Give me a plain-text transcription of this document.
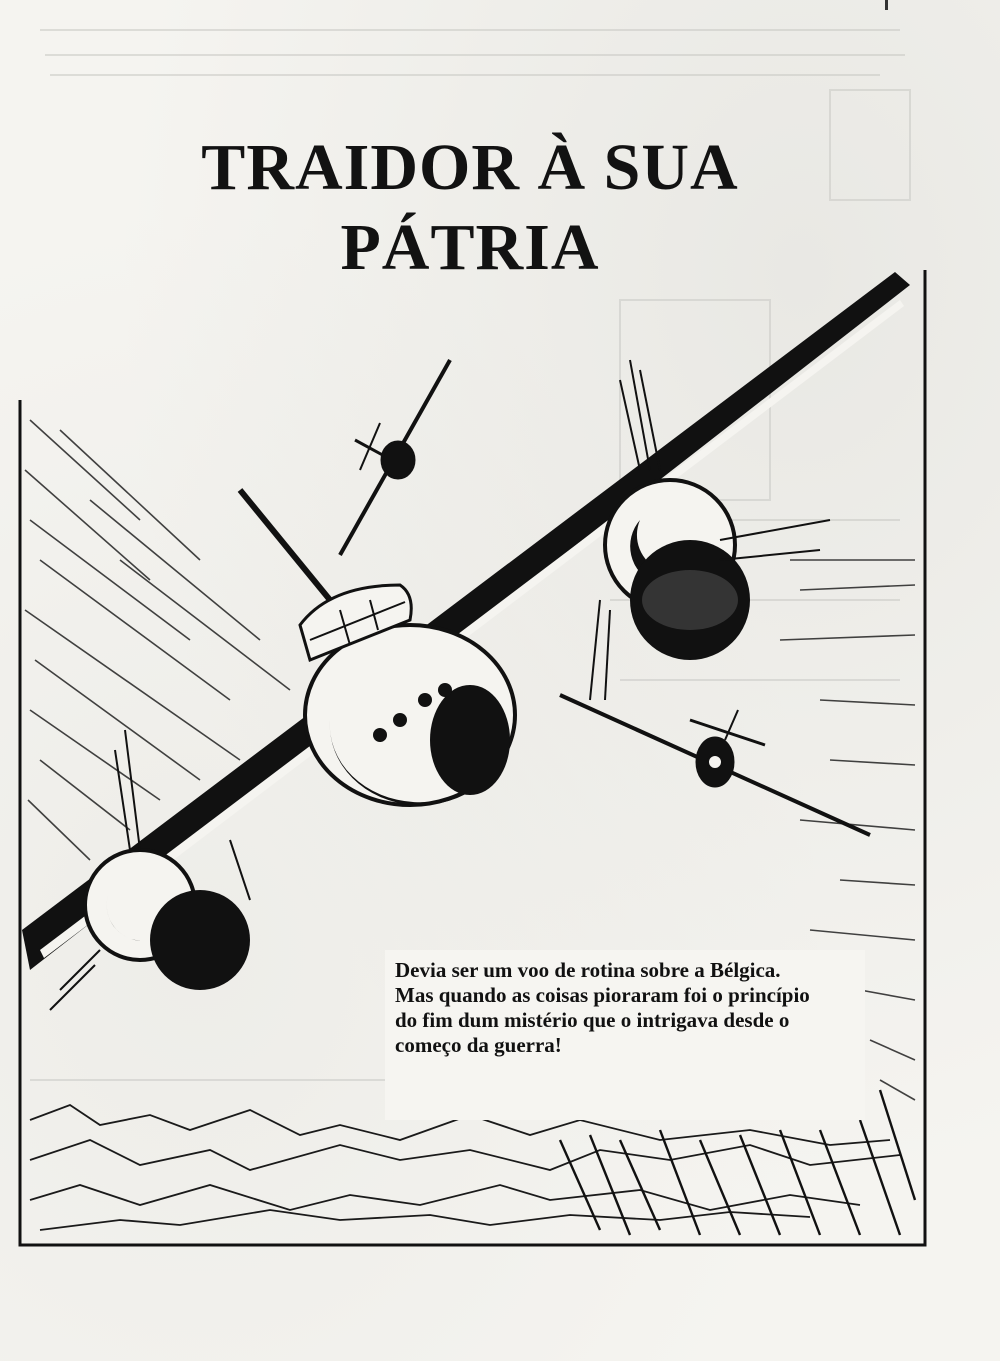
TRAIDOR À SUA
PÁTRIA
Devia ser um voo de rotina sobre a Bélgica.
Mas quando as coisas pioraram foi o princípio
do fim dum mistério que o intrigava desde o
começo da guerra!
